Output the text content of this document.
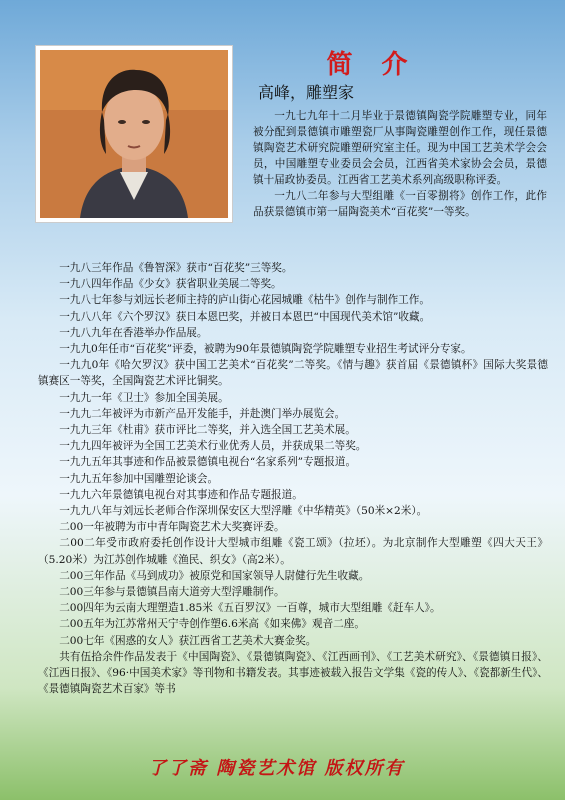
简 介
高峰，雕塑家

一九七九年十二月毕业于景德镇陶瓷学院雕塑专业，同年被分配到景德镇市雕塑瓷厂从事陶瓷雕塑创作工作，现任景德镇陶瓷艺术研究院雕塑研究室主任。现为中国工艺美术学会会员，中国雕塑专业委员会会员，江西省美术家协会会员，景德镇十届政协委员。江西省工艺美术系列高级职称评委。

一九八二年参与大型组雕《一百零捌将》创作工作，此作品获景德镇市第一届陶瓷美术“百花奖”一等奖。

一九八三年作品《鲁智深》获市“百花奖”三等奖。

一九八四年作品《少女》获省职业美展二等奖。

一九八七年参与刘远长老师主持的庐山街心花园城雕《枯牛》创作与制作工作。

一九八八年《六个罗汉》获日本恩巴奖，并被日本恩巴“中国现代美术馆”收藏。

一九八九年在香港举办作品展。

一九九0年任市“百花奖”评委，被聘为90年景德镇陶瓷学院雕塑专业招生考试评分专家。

一九九0年《哈欠罗汉》获中国工艺美术“百花奖”二等奖。《情与趣》获首届《景德镇杯》国际大奖景德镇赛区一等奖，全国陶瓷艺术评比铜奖。

一九九一年《卫士》参加全国美展。

一九九二年被评为市新产品开发能手，并赴澳门举办展览会。

一九九三年《杜甫》获市评比二等奖，并入选全国工艺美术展。

一九九四年被评为全国工艺美术行业优秀人员，并获成果二等奖。

一九九五年其事迹和作品被景德镇电视台“名家系列”专题报道。

一九九五年参加中国雕塑论谈会。

一九九六年景德镇电视台对其事迹和作品专题报道。

一九九八年与刘远长老师合作深圳保安区大型浮雕《中华精英》（50米×2米）。

二00一年被聘为市中青年陶瓷艺术大奖赛评委。

二00二年受市政府委托创作设计大型城市组雕《瓷工颂》（拉坯）。为北京制作大型雕塑《四大天王》（5.20米）为江苏创作城雕《渔民、织女》（高2米）。

二00三年作品《马到成功》被原党和国家领导人尉健行先生收藏。

二00三年参与景德镇昌南大道旁大型浮雕制作。

二00四年为云南大理塑造1.85米《五百罗汉》一百尊，城市大型组雕《赶车人》。

二00五年为江苏常州天宁寺创作塑6.6米高《如来佛》观音二座。

二00七年《困惑的女人》获江西省工艺美术大赛金奖。

共有伍拾余件作品发表于《中国陶瓷》、《景德镇陶瓷》、《江西画刊》、《工艺美术研究》、《景德镇日报》、《江西日报》、《96·中国美术家》等刊物和书籍发表。其事迹被载入报告文学集《瓷的传人》、《瓷都新生代》、《景德镇陶瓷艺术百家》等书

了了斋 陶瓷艺术馆 版权所有
